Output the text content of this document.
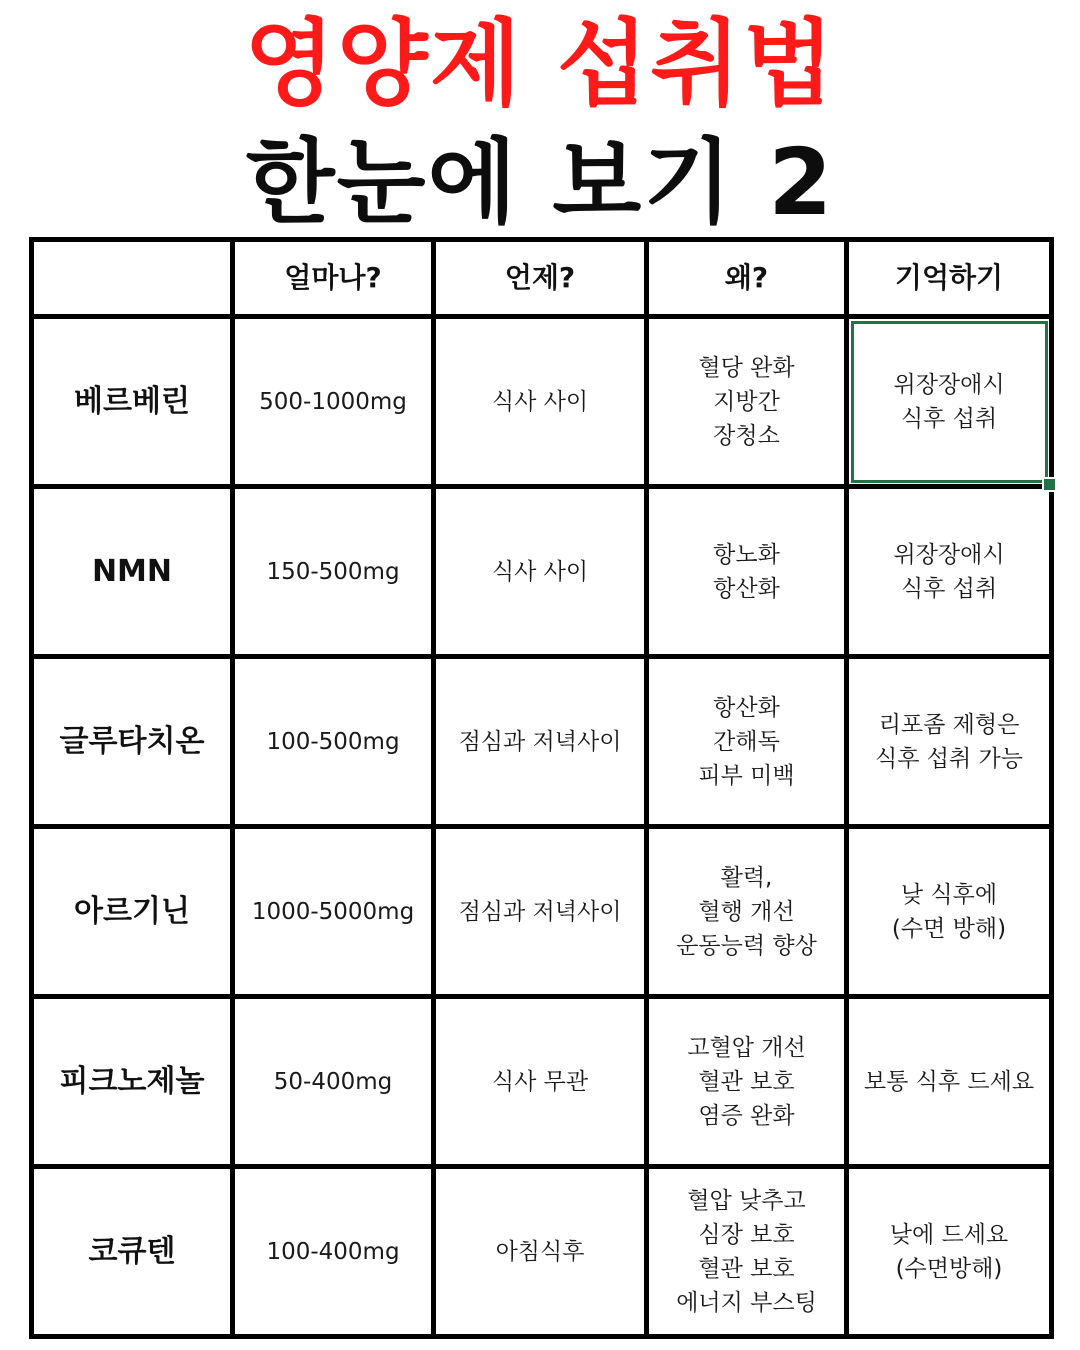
영양제 섭취법
한눈에 보기 2
	얼마나?	언제?	왜?	기억하기
베르베린	500-1000mg	식사 사이	혈당 완화
지방간
장청소	위장장애시
식후 섭취

NMN	150-500mg	식사 사이	항노화
항산화	위장장애시
식후 섭취
글루타치온	100-500mg	점심과 저녁사이	항산화
간해독
피부 미백	리포좀 제형은
식후 섭취 가능
아르기닌	1000-5000mg	점심과 저녁사이	활력,
혈행 개선
운동능력 향상	낮 식후에
(수면 방해)
피크노제놀	50-400mg	식사 무관	고혈압 개선
혈관 보호
염증 완화	보통 식후 드세요
코큐텐	100-400mg	아침식후	혈압 낮추고
심장 보호
혈관 보호
에너지 부스팅	낮에 드세요
(수면방해)
